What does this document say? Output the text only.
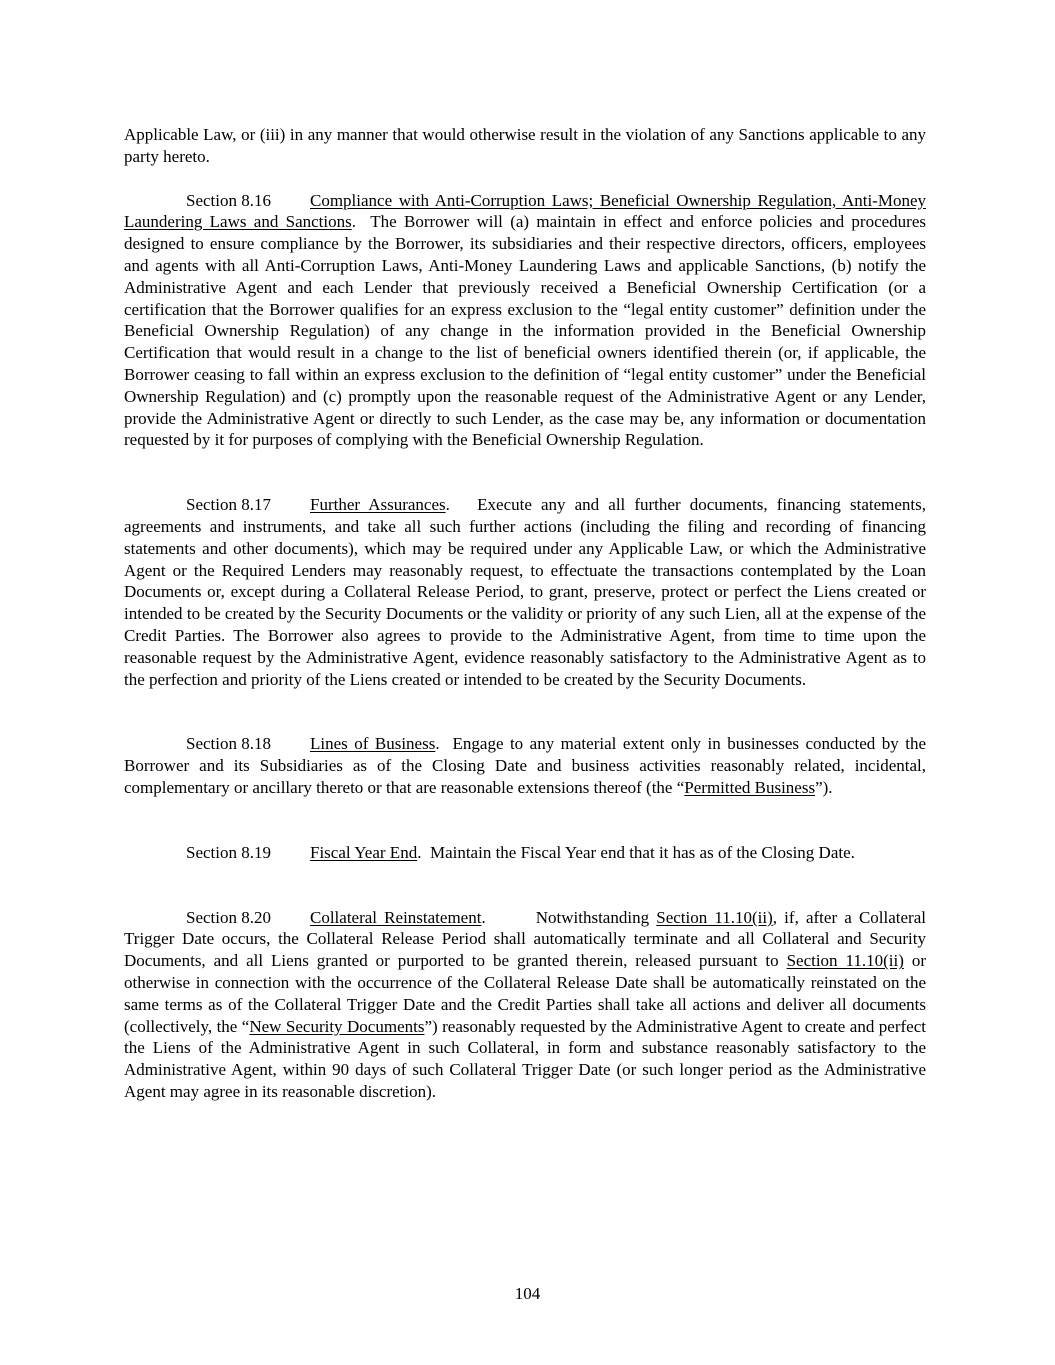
Applicable Law, or (iii) in any manner that would otherwise result in the violation of any Sanctions applicable to any party hereto.

Section 8.16 Compliance with Anti-Corruption Laws; Beneficial Ownership Regulation, Anti-Money Laundering Laws and Sanctions. The Borrower will (a) maintain in effect and enforce policies and procedures designed to ensure compliance by the Borrower, its subsidiaries and their respective directors, officers, employees and agents with all Anti-Corruption Laws, Anti-Money Laundering Laws and applicable Sanctions, (b) notify the Administrative Agent and each Lender that previously received a Beneficial Ownership Certification (or a certification that the Borrower qualifies for an express exclusion to the “legal entity customer” definition under the Beneficial Ownership Regulation) of any change in the information provided in the Beneficial Ownership Certification that would result in a change to the list of beneficial owners identified therein (or, if applicable, the Borrower ceasing to fall within an express exclusion to the definition of “legal entity customer” under the Beneficial Ownership Regulation) and (c) promptly upon the reasonable request of the Administrative Agent or any Lender, provide the Administrative Agent or directly to such Lender, as the case may be, any information or documentation requested by it for purposes of complying with the Beneficial Ownership Regulation.

Section 8.17 Further Assurances. Execute any and all further documents, financing statements, agreements and instruments, and take all such further actions (including the filing and recording of financing statements and other documents), which may be required under any Applicable Law, or which the Administrative Agent or the Required Lenders may reasonably request, to effectuate the transactions contemplated by the Loan Documents or, except during a Collateral Release Period, to grant, preserve, protect or perfect the Liens created or intended to be created by the Security Documents or the validity or priority of any such Lien, all at the expense of the Credit Parties. The Borrower also agrees to provide to the Administrative Agent, from time to time upon the reasonable request by the Administrative Agent, evidence reasonably satisfactory to the Administrative Agent as to the perfection and priority of the Liens created or intended to be created by the Security Documents.

Section 8.18 Lines of Business. Engage to any material extent only in businesses conducted by the Borrower and its Subsidiaries as of the Closing Date and business activities reasonably related, incidental, complementary or ancillary thereto or that are reasonable extensions thereof (the “Permitted Business”).

Section 8.19 Fiscal Year End. Maintain the Fiscal Year end that it has as of the Closing Date.

Section 8.20 Collateral Reinstatement.	Notwithstanding Section 11.10(ii), if, after a Collateral Trigger Date occurs, the Collateral Release Period shall automatically terminate and all Collateral and Security Documents, and all Liens granted or purported to be granted therein, released pursuant to Section 11.10(ii) or otherwise in connection with the occurrence of the Collateral Release Date shall be automatically reinstated on the same terms as of the Collateral Trigger Date and the Credit Parties shall take all actions and deliver all documents (collectively, the “New Security Documents”) reasonably requested by the Administrative Agent to create and perfect the Liens of the Administrative Agent in such Collateral, in form and substance reasonably satisfactory to the Administrative Agent, within 90 days of such Collateral Trigger Date (or such longer period as the Administrative Agent may agree in its reasonable discretion).

104
